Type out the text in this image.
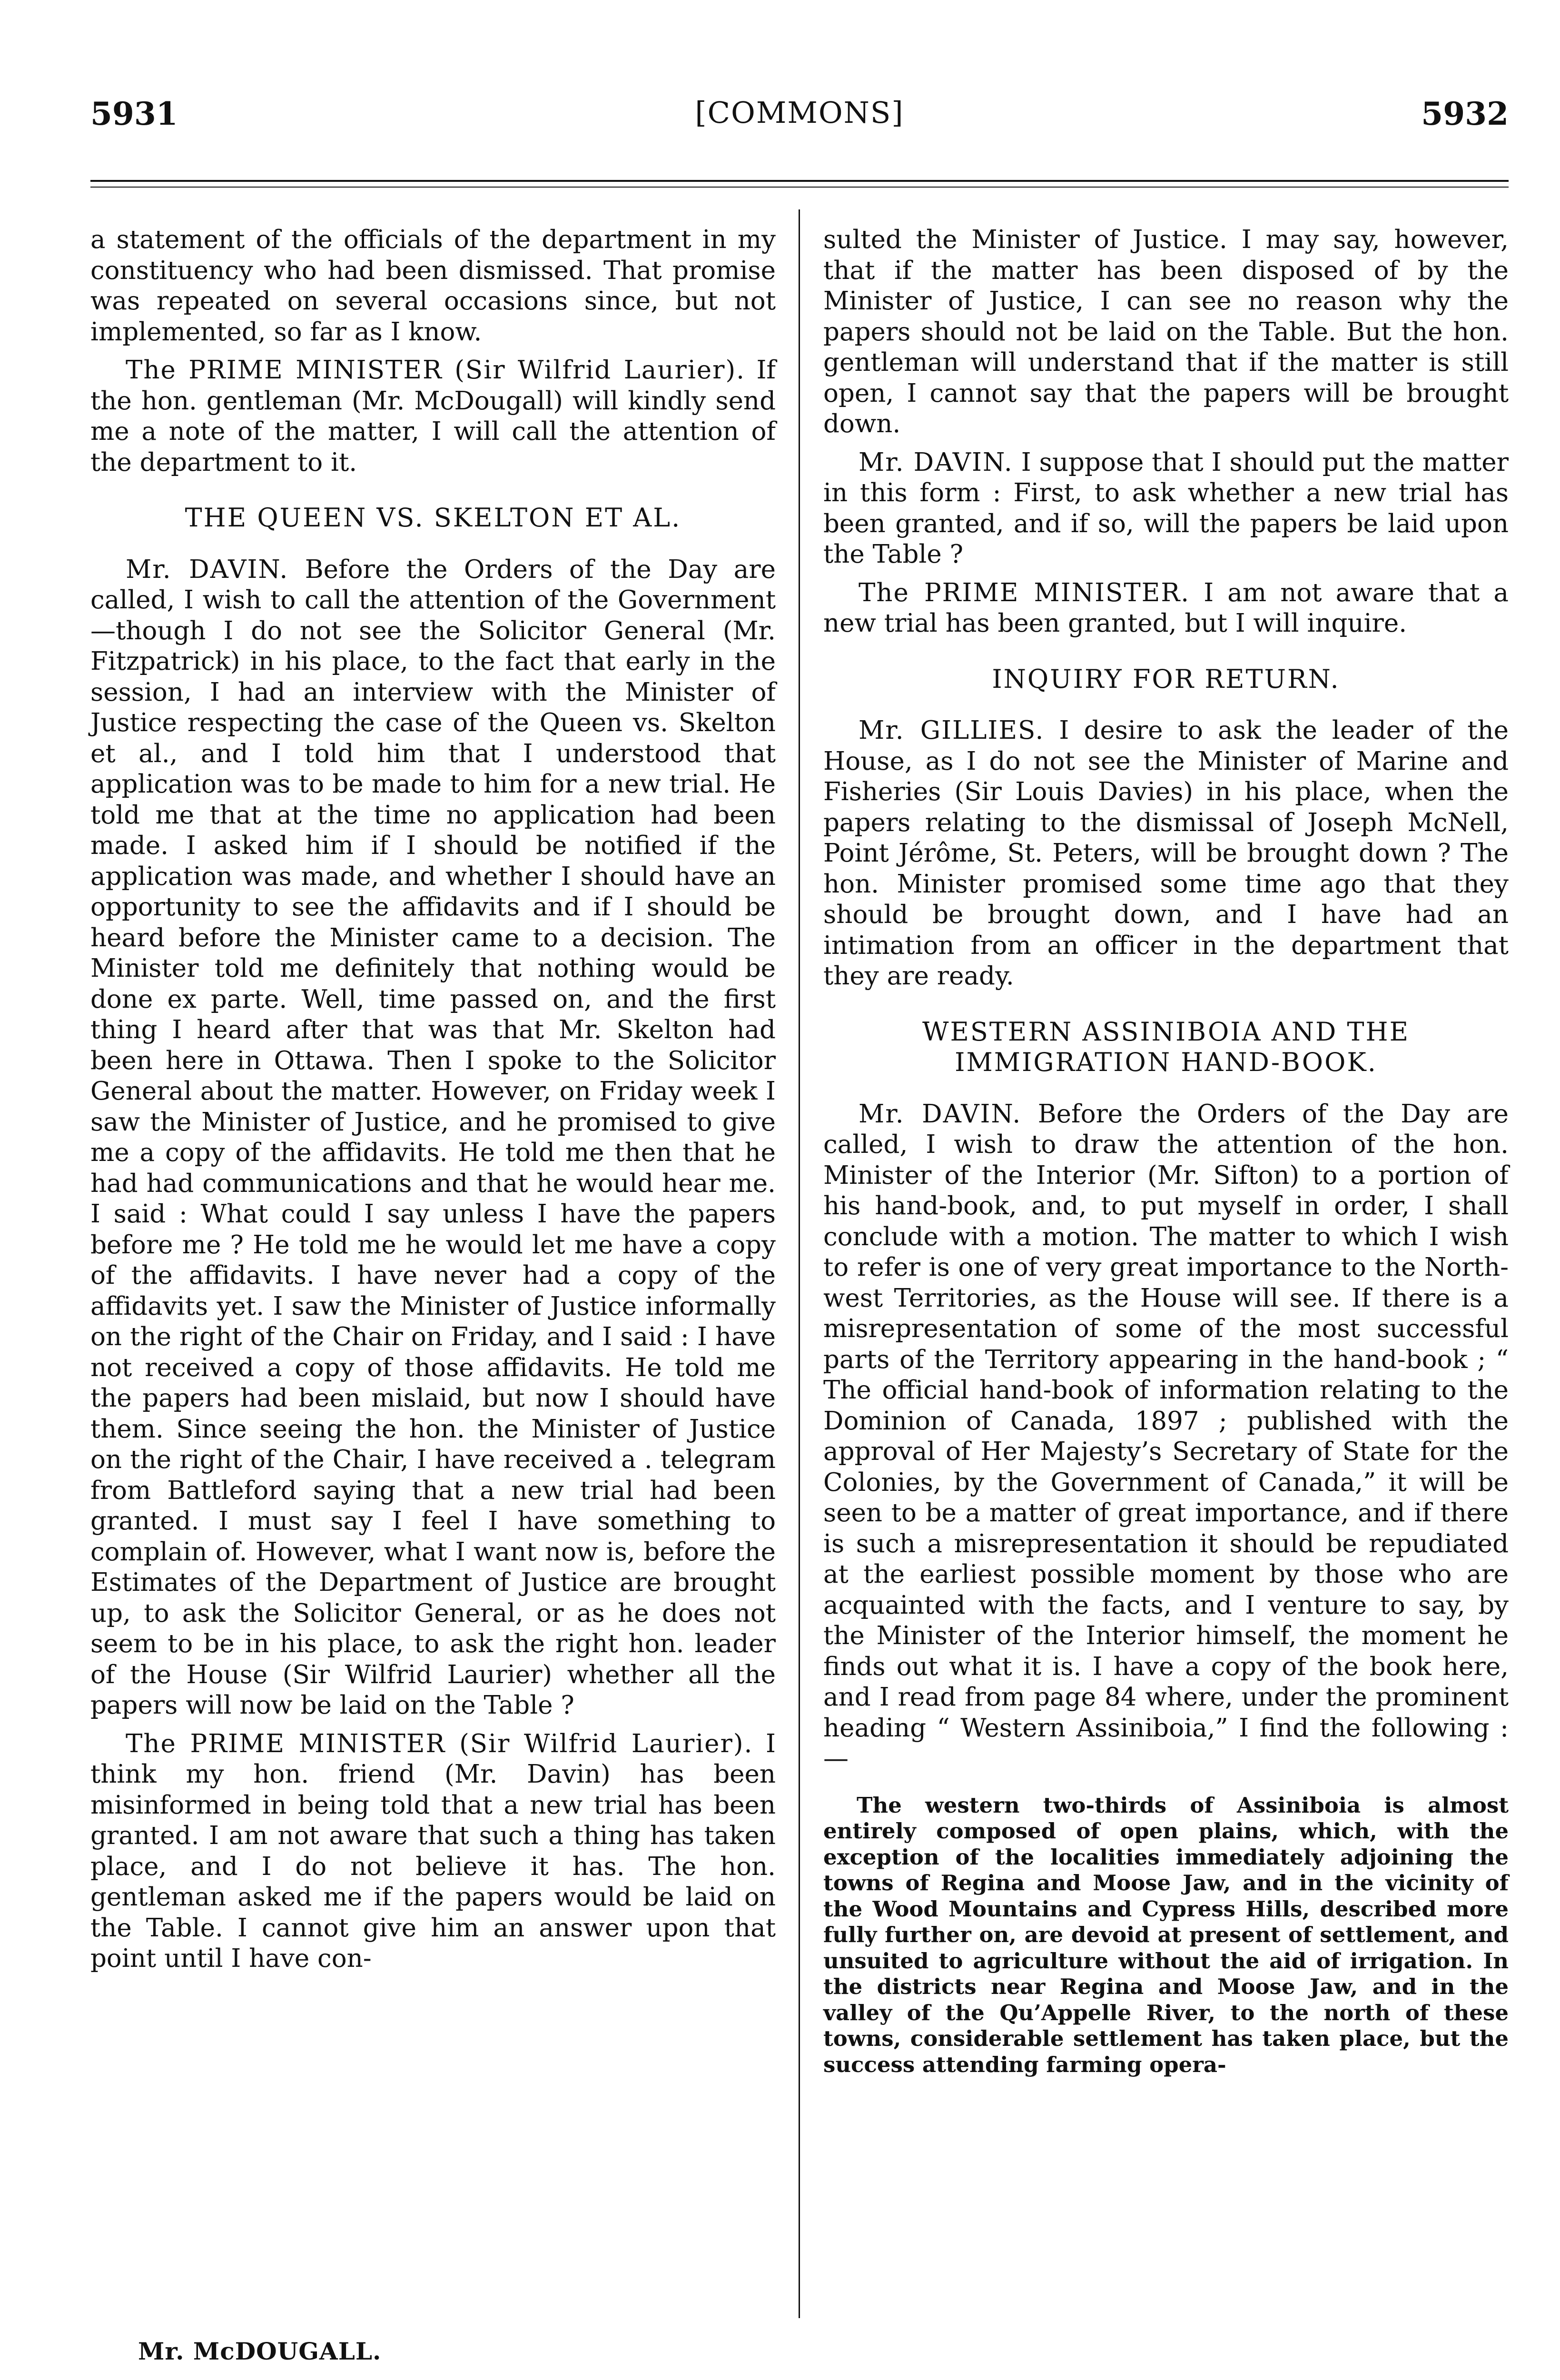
5931	[COMMONS]	5932

a statement of the officials of the department in my constituency who had been dismissed. That promise was repeated on several occasions since, but not implemented, so far as I know.

The PRIME MINISTER (Sir Wilfrid Laurier). If the hon. gentleman (Mr. McDougall) will kindly send me a note of the matter, I will call the attention of the department to it.

THE QUEEN VS. SKELTON ET AL.

Mr. DAVIN. Before the Orders of the Day are called, I wish to call the attention of the Government—though I do not see the Solicitor General (Mr. Fitzpatrick) in his place, to the fact that early in the session, I had an interview with the Minister of Justice respecting the case of the Queen vs. Skelton et al., and I told him that I understood that application was to be made to him for a new trial. He told me that at the time no application had been made. I asked him if I should be notified if the application was made, and whether I should have an opportunity to see the affidavits and if I should be heard before the Minister came to a decision. The Minister told me definitely that nothing would be done ex parte. Well, time passed on, and the first thing I heard after that was that Mr. Skelton had been here in Ottawa. Then I spoke to the Solicitor General about the matter. However, on Friday week I saw the Minister of Justice, and he promised to give me a copy of the affidavits. He told me then that he had had communications and that he would hear me. I said : What could I say unless I have the papers before me ? He told me he would let me have a copy of the affidavits. I have never had a copy of the affidavits yet. I saw the Minister of Justice informally on the right of the Chair on Friday, and I said : I have not received a copy of those affidavits. He told me the papers had been mislaid, but now I should have them. Since seeing the hon. the Minister of Justice on the right of the Chair, I have received a . telegram from Battleford saying that a new trial had been granted. I must say I feel I have something to complain of. However, what I want now is, before the Estimates of the Department of Justice are brought up, to ask the Solicitor General, or as he does not seem to be in his place, to ask the right hon. leader of the House (Sir Wilfrid Laurier) whether all the papers will now be laid on the Table ?

The PRIME MINISTER (Sir Wilfrid Laurier). I think my hon. friend (Mr. Davin) has been misinformed in being told that a new trial has been granted. I am not aware that such a thing has taken place, and I do not believe it has. The hon. gentleman asked me if the papers would be laid on the Table. I cannot give him an answer upon that point until I have con-

sulted the Minister of Justice. I may say, however, that if the matter has been disposed of by the Minister of Justice, I can see no reason why the papers should not be laid on the Table. But the hon. gentleman will understand that if the matter is still open, I cannot say that the papers will be brought down.

Mr. DAVIN. I suppose that I should put the matter in this form : First, to ask whether a new trial has been granted, and if so, will the papers be laid upon the Table ?

The PRIME MINISTER. I am not aware that a new trial has been granted, but I will inquire.

INQUIRY FOR RETURN.

Mr. GILLIES. I desire to ask the leader of the House, as I do not see the Minister of Marine and Fisheries (Sir Louis Davies) in his place, when the papers relating to the dismissal of Joseph McNell, Point Jérôme, St. Peters, will be brought down ? The hon. Minister promised some time ago that they should be brought down, and I have had an intimation from an officer in the department that they are ready.

WESTERN ASSINIBOIA AND THE
IMMIGRATION HAND-BOOK.

Mr. DAVIN. Before the Orders of the Day are called, I wish to draw the attention of the hon. Minister of the Interior (Mr. Sifton) to a portion of his hand-book, and, to put myself in order, I shall conclude with a motion. The matter to which I wish to refer is one of very great importance to the North-west Territories, as the House will see. If there is a misrepresentation of some of the most successful parts of the Territory appearing in the hand-book ; “ The official hand-book of information relating to the Dominion of Canada, 1897 ; published with the approval of Her Majesty’s Secretary of State for the Colonies, by the Government of Canada,” it will be seen to be a matter of great importance, and if there is such a misrepresentation it should be repudiated at the earliest possible moment by those who are acquainted with the facts, and I venture to say, by the Minister of the Interior himself, the moment he finds out what it is. I have a copy of the book here, and I read from page 84 where, under the prominent heading “ Western Assiniboia,” I find the following :—

The western two-thirds of Assiniboia is almost entirely composed of open plains, which, with the exception of the localities immediately adjoining the towns of Regina and Moose Jaw, and in the vicinity of the Wood Mountains and Cypress Hills, described more fully further on, are devoid at present of settlement, and unsuited to agriculture without the aid of irrigation. In the districts near Regina and Moose Jaw, and in the valley of the Qu’Appelle River, to the north of these towns, considerable settlement has taken place, but the success attending farming opera-

Mr. McDOUGALL.
